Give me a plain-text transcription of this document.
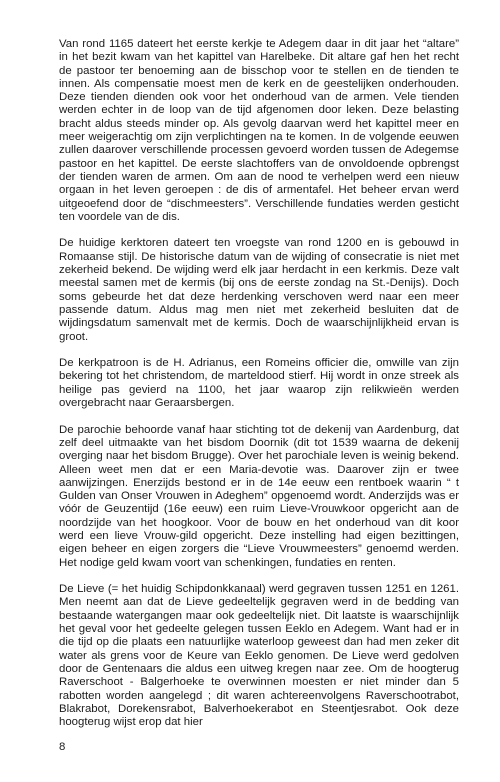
Van rond 1165 dateert het eerste kerkje te Adegem daar in dit jaar het “altare” in het bezit kwam van het kapittel van Harelbeke. Dit altare gaf hen het recht de pastoor ter benoeming aan de bisschop voor te stellen en de tienden te innen. Als compensatie moest men de kerk en de geestelijken onderhouden. Deze tienden dienden ook voor het onderhoud van de armen. Vele tienden werden echter in de loop van de tijd afgenomen door leken. Deze belasting bracht aldus steeds minder op. Als gevolg daarvan werd het kapittel meer en meer weigerachtig om zijn verplichtingen na te komen. In de volgende eeuwen zullen daarover verschillende processen gevoerd worden tussen de Adegemse pastoor en het kapittel. De eerste slachtoffers van de onvoldoende opbrengst der tienden waren de armen. Om aan de nood te verhelpen werd een nieuw orgaan in het leven geroepen : de dis of armentafel. Het beheer ervan werd uitgeoefend door de “dischmeesters”. Verschillende fundaties werden gesticht ten voordele van de dis.

De huidige kerktoren dateert ten vroegste van rond 1200 en is gebouwd in Romaanse stijl. De historische datum van de wijding of consecratie is niet met zekerheid bekend. De wijding werd elk jaar herdacht in een kerkmis. Deze valt meestal samen met de kermis (bij ons de eerste zondag na St.-Denijs). Doch soms gebeurde het dat deze herdenking verschoven werd naar een meer passende datum. Aldus mag men niet met zekerheid besluiten dat de wijdingsdatum samenvalt met de kermis. Doch de waarschijnlijkheid ervan is groot.

De kerkpatroon is de H. Adrianus, een Romeins officier die, omwille van zijn bekering tot het christendom, de marteldood stierf. Hij wordt in onze streek als heilige pas gevierd na 1100, het jaar waarop zijn relikwieën werden overgebracht naar Geraarsbergen.

De parochie behoorde vanaf haar stichting tot de dekenij van Aardenburg, dat zelf deel uitmaakte van het bisdom Doornik (dit tot 1539 waarna de dekenij overging naar het bisdom Brugge). Over het parochiale leven is weinig bekend. Alleen weet men dat er een Maria-devotie was. Daarover zijn er twee aanwijzingen. Enerzijds bestond er in de 14e eeuw een rentboek waarin “ t Gulden van Onser Vrouwen in Adeghem” opgenoemd wordt. Anderzijds was er vóór de Geuzentijd (16e eeuw) een ruim Lieve-Vrouwkoor opgericht aan de noordzijde van het hoogkoor. Voor de bouw en het onderhoud van dit koor werd een lieve Vrouw-gild opgericht. Deze instelling had eigen bezittingen, eigen beheer en eigen zorgers die “Lieve Vrouwmeesters” genoemd werden. Het nodige geld kwam voort van schenkingen, fundaties en renten.

De Lieve (= het huidig Schipdonkkanaal) werd gegraven tussen 1251 en 1261. Men neemt aan dat de Lieve gedeeltelijk gegraven werd in de bedding van bestaande watergangen maar ook gedeeltelijk niet. Dit laatste is waarschijnlijk het geval voor het gedeelte gelegen tussen Eeklo en Adegem. Want had er in die tijd op die plaats een natuurlijke waterloop geweest dan had men zeker dit water als grens voor de Keure van Eeklo genomen. De Lieve werd gedolven door de Gentenaars die aldus een uitweg kregen naar zee. Om de hoogterug Raverschoot - Balgerhoeke te overwinnen moesten er niet minder dan 5 rabotten worden aangelegd ; dit waren achtereenvolgens Raverschootrabot, Blakrabot, Dorekensrabot, Balverhoekerabot en Steentjesrabot. Ook deze hoogterug wijst erop dat hier

8
